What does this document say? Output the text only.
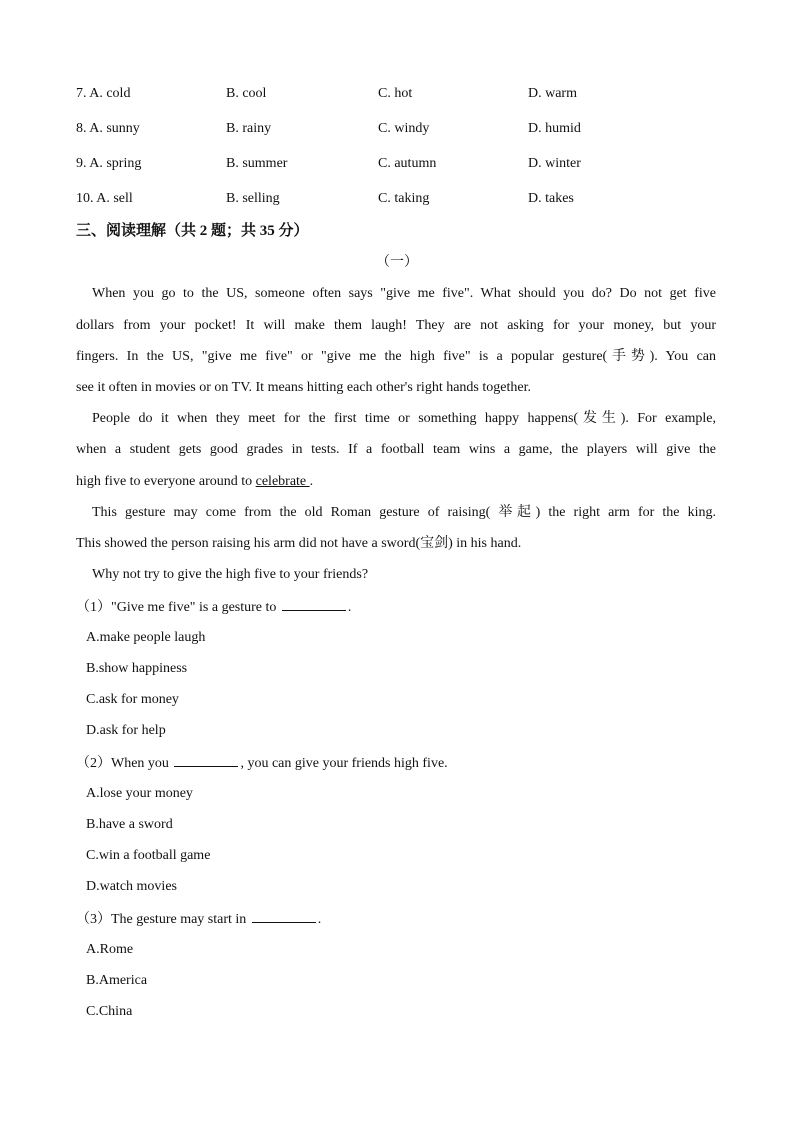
7. A. cold	B. cool	C. hot	D. warm
8. A. sunny	B. rainy	C. windy	D. humid
9. A. spring	B. summer	C. autumn	D. winter
10. A. sell	B. selling	C. taking	D. takes
三、阅读理解（共 2 题；共 35 分）
（一）
When you go to the US, someone often says "give me five". What should you do? Do not get five
dollars from your pocket! It will make them laugh! They are not asking for your money, but your
fingers. In the US, "give me five" or "give me the high five" is a popular gesture(手势). You can
see it often in movies or on TV. It means hitting each other's right hands together.
People do it when they meet for the first time or something happy happens(发生). For example,
when a student gets good grades in tests. If a football team wins a game, the players will give the
high five to everyone around to celebrate .
This gesture may come from the old Roman gesture of raising( 举起) the right arm for the king.
This showed the person raising his arm did not have a sword(宝剑) in his hand.
Why not try to give the high five to your friends?
（1）"Give me five" is a gesture to	.
A.make people laugh
B.show happiness
C.ask for money
D.ask for help
（2）When you	, you can give your friends high five.
A.lose your money
B.have a sword
C.win a football game
D.watch movies
（3）The gesture may start in	.
A.Rome
B.America
C.China
